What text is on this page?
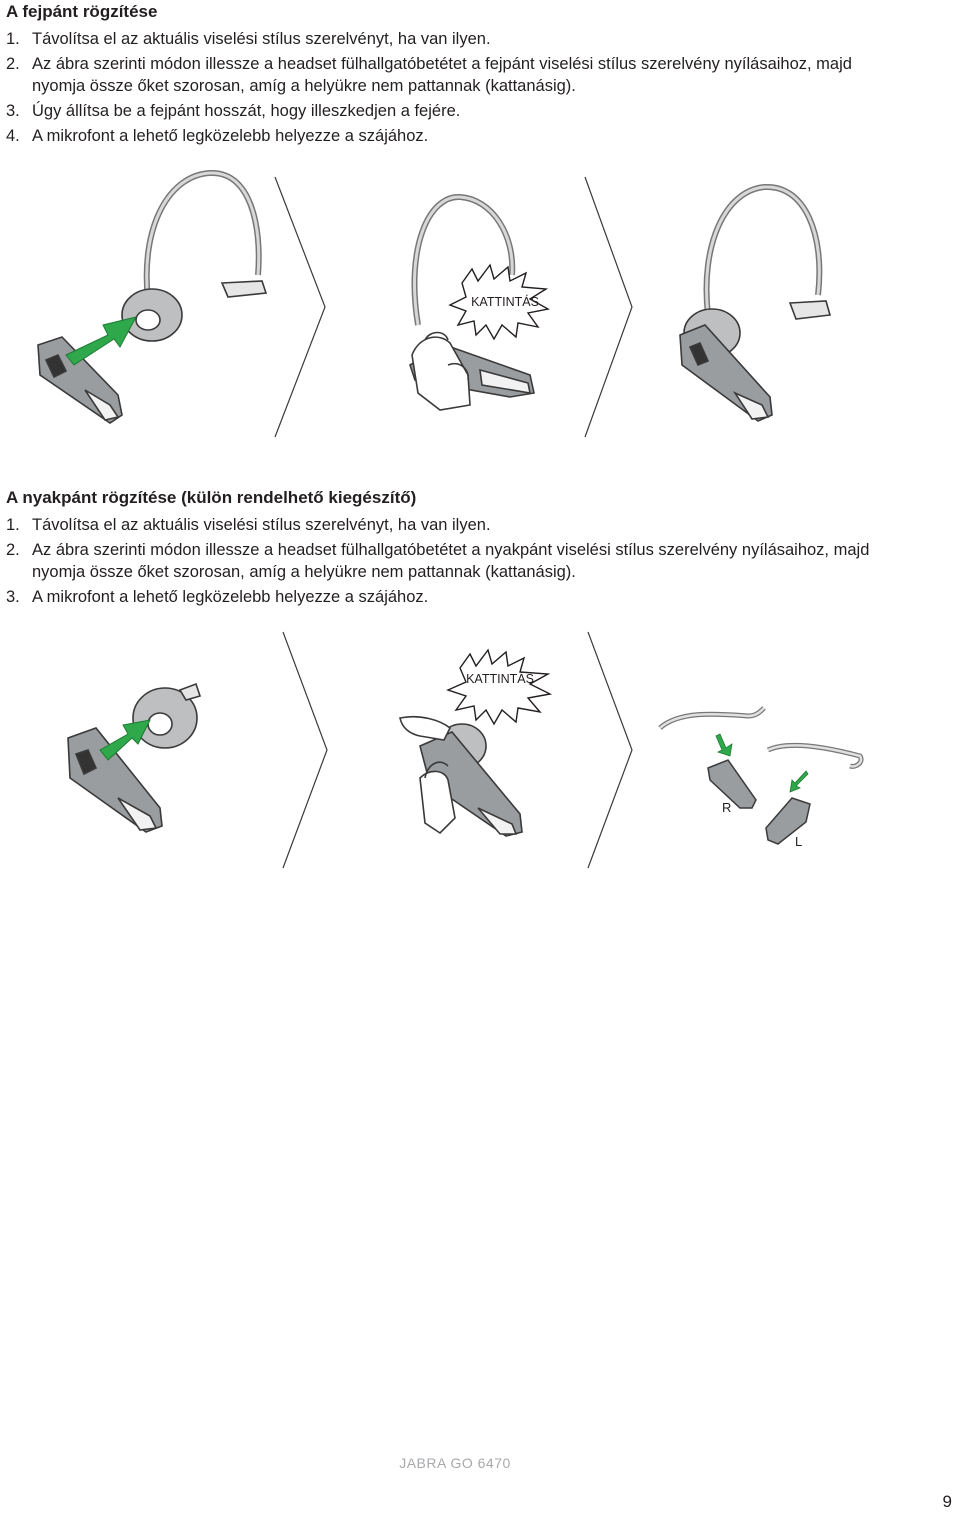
A fejpánt rögzítése
1. Távolítsa el az aktuális viselési stílus szerelvényt, ha van ilyen.
2. Az ábra szerinti módon illessze a headset fülhallgatóbetétet a fejpánt viselési stílus szerelvény nyílásaihoz, majd nyomja össze őket szorosan, amíg a helyükre nem pattannak (kattanásig).
3. Úgy állítsa be a fejpánt hosszát, hogy illeszkedjen a fejére.
4. A mikrofont a lehető legközelebb helyezze a szájához.
KATTINTÁS
A nyakpánt rögzítése (külön rendelhető kiegészítő)
1. Távolítsa el az aktuális viselési stílus szerelvényt, ha van ilyen.
2. Az ábra szerinti módon illessze a headset fülhallgatóbetétet a nyakpánt viselési stílus szerelvény nyílásaihoz, majd nyomja össze őket szorosan, amíg a helyükre nem pattannak (kattanásig).
3. A mikrofont a lehető legközelebb helyezze a szájához.
KATTINTÁS
R
L
JABRA GO 6470
9
